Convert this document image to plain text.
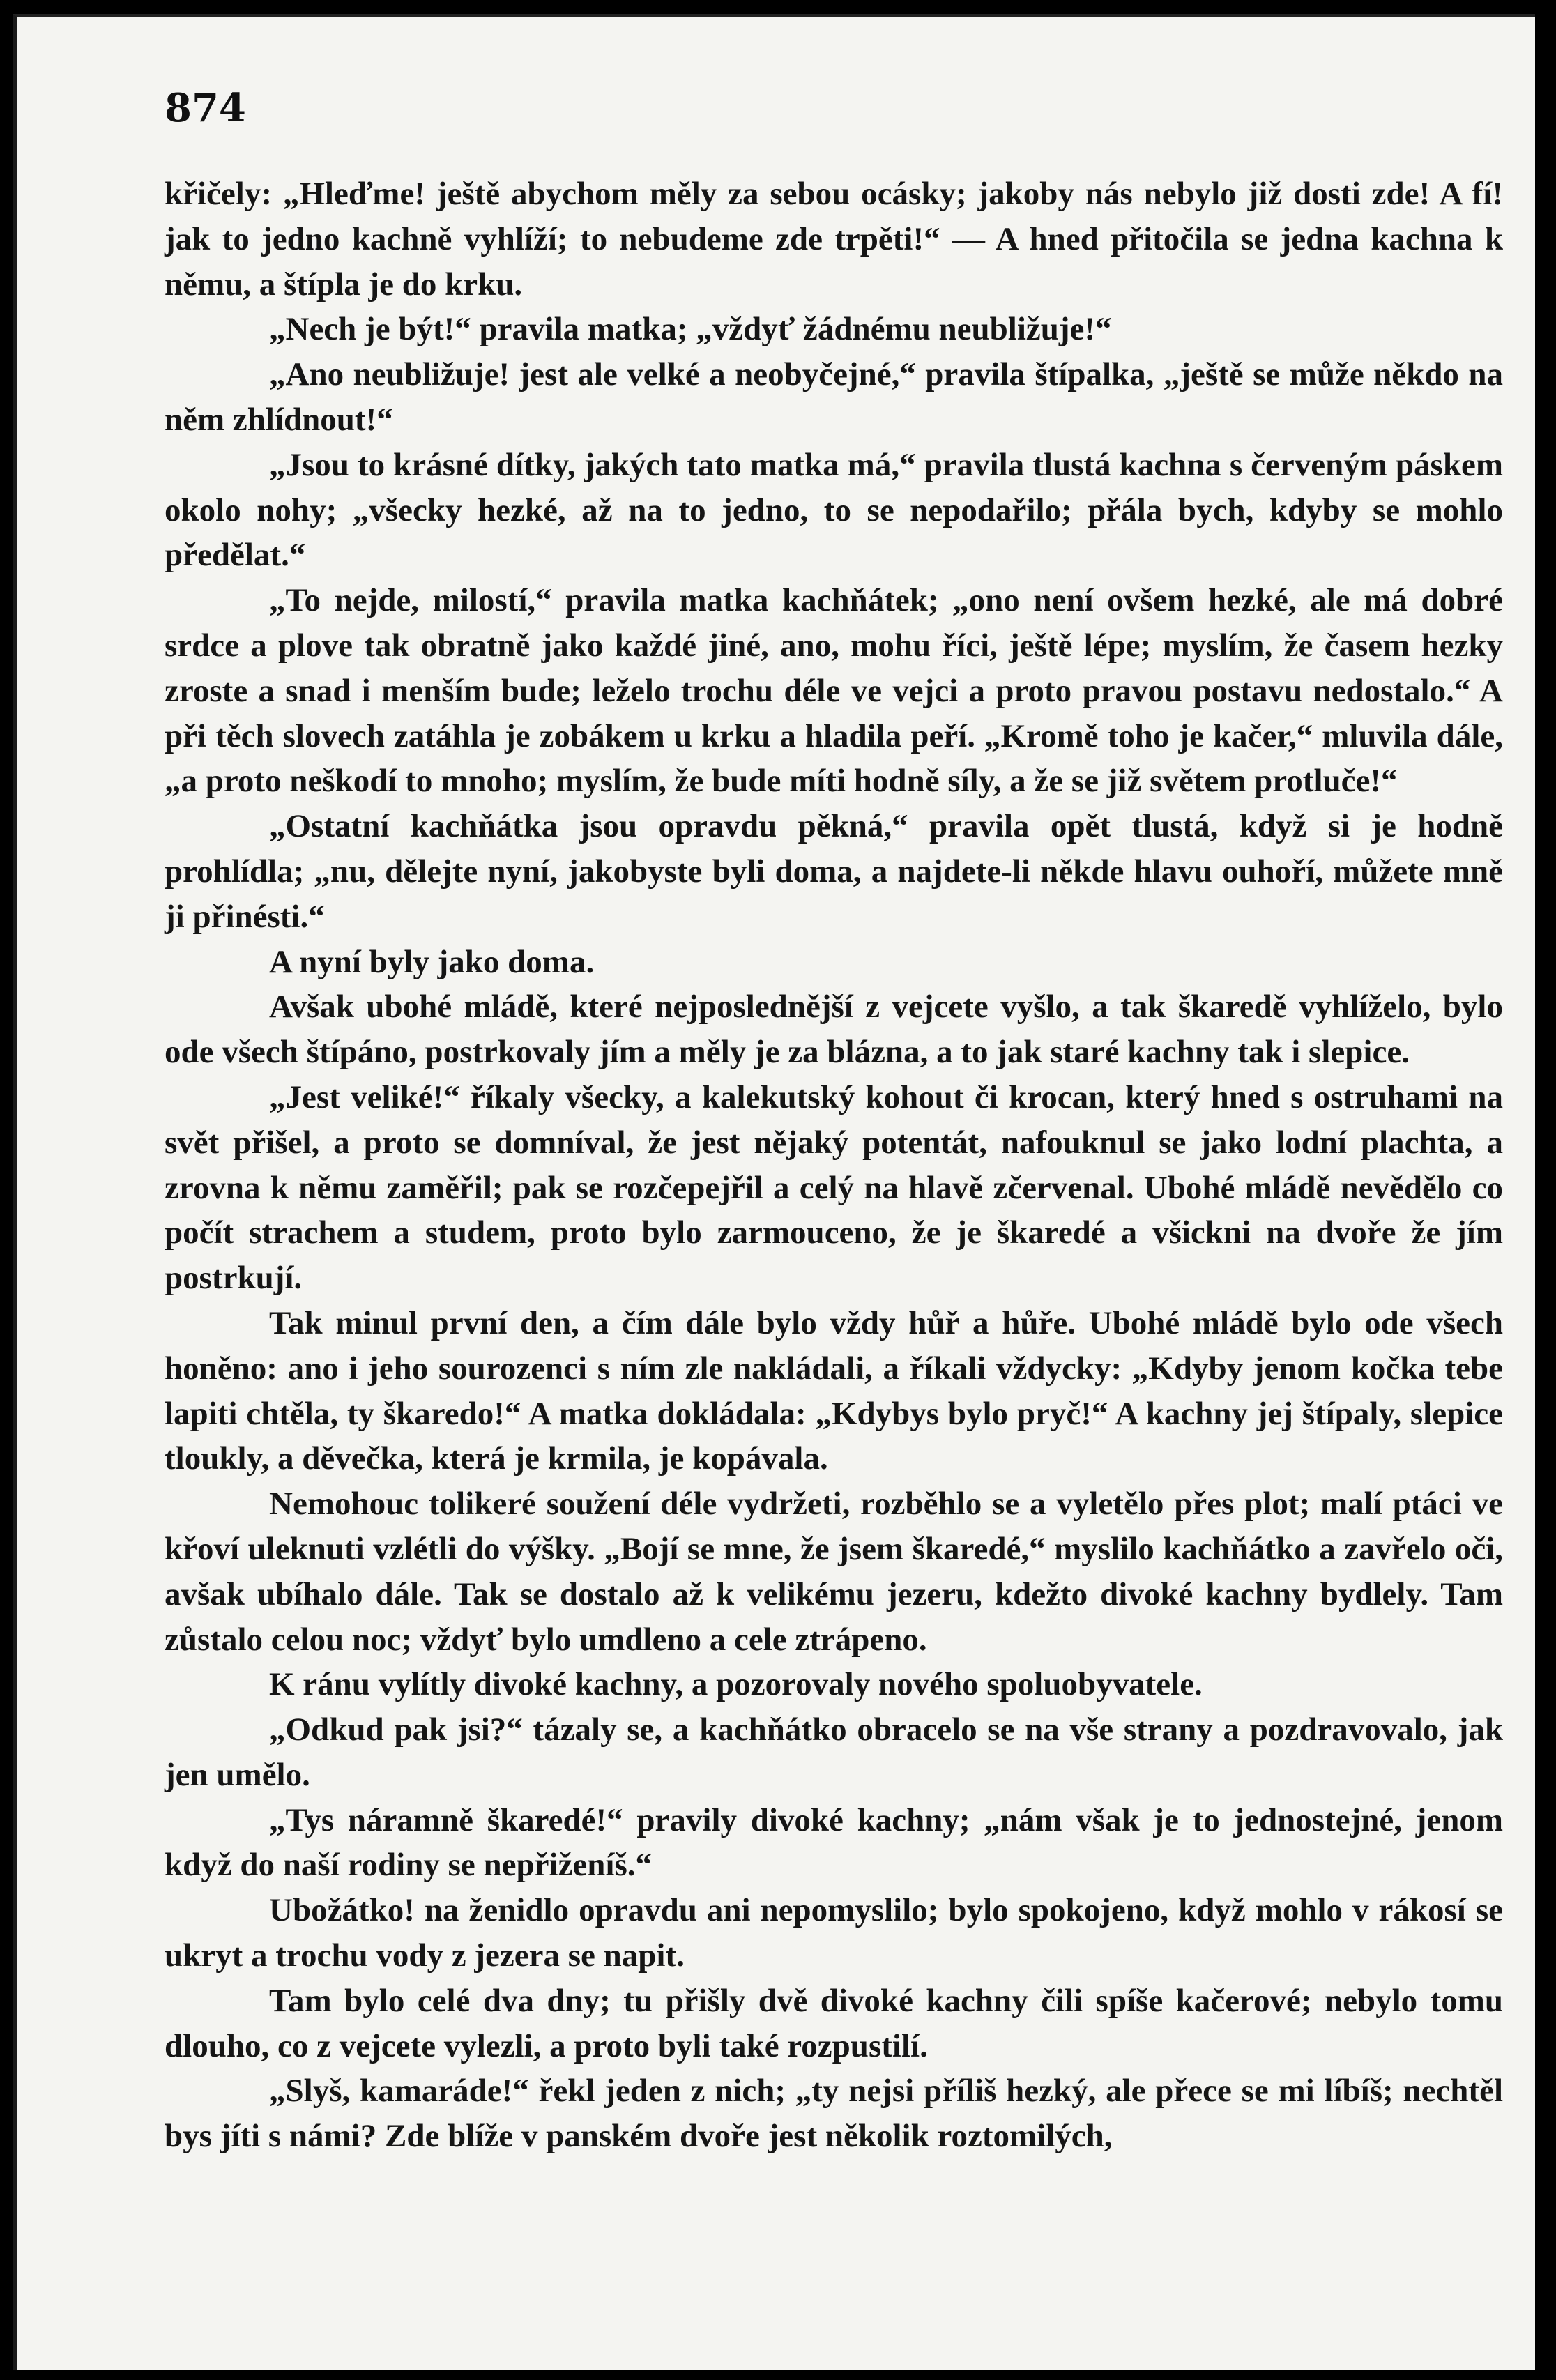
874

křičely: „Hleďme! ještě abychom měly za sebou ocásky; jakoby nás nebylo již dosti zde! A fí! jak to jedno kachně vyhlíží; to nebudeme zde trpěti!“ — A hned přitočila se jedna kachna k němu, a štípla je do krku.

„Nech je být!“ pravila matka; „vždyť žádnému neubližuje!“

„Ano neubližuje! jest ale velké a neobyčejné,“ pravila štípalka, „ještě se může někdo na něm zhlídnout!“

„Jsou to krásné dítky, jakých tato matka má,“ pravila tlustá kachna s červeným páskem okolo nohy; „všecky hezké, až na to jedno, to se nepodařilo; přála bych, kdyby se mohlo předělat.“

„To nejde, milostí,“ pravila matka kachňátek; „ono není ovšem hezké, ale má dobré srdce a plove tak obratně jako každé jiné, ano, mohu říci, ještě lépe; myslím, že časem hezky zroste a snad i menším bude; leželo trochu déle ve vejci a proto pravou postavu nedostalo.“ A při těch slovech zatáhla je zobákem u krku a hladila peří. „Kromě toho je kačer,“ mluvila dále, „a proto neškodí to mnoho; myslím, že bude míti hodně síly, a že se již světem protluče!“

„Ostatní kachňátka jsou opravdu pěkná,“ pravila opět tlustá, když si je hodně prohlídla; „nu, dělejte nyní, jakobyste byli doma, a najdete-li někde hlavu ouhoří, můžete mně ji přinésti.“

A nyní byly jako doma.

Avšak ubohé mládě, které nejposlednější z vejcete vyšlo, a tak škaredě vyhlíželo, bylo ode všech štípáno, postrkovaly jím a měly je za blázna, a to jak staré kachny tak i slepice.

„Jest veliké!“ říkaly všecky, a kalekutský kohout či krocan, který hned s ostruhami na svět přišel, a proto se domníval, že jest nějaký potentát, nafouknul se jako lodní plachta, a zrovna k němu zaměřil; pak se rozčepejřil a celý na hlavě zčervenal. Ubohé mládě nevědělo co počít strachem a studem, proto bylo zarmouceno, že je škaredé a všickni na dvoře že jím postrkují.

Tak minul první den, a čím dále bylo vždy hůř a hůře. Ubohé mládě bylo ode všech honěno: ano i jeho sourozenci s ním zle nakládali, a říkali vždycky: „Kdyby jenom kočka tebe lapiti chtěla, ty škaredo!“ A matka dokládala: „Kdybys bylo pryč!“ A kachny jej štípaly, slepice tloukly, a děvečka, která je krmila, je kopávala.

Nemohouc tolikeré soužení déle vydržeti, rozběhlo se a vyletělo přes plot; malí ptáci ve křoví uleknuti vzlétli do výšky. „Bojí se mne, že jsem škaredé,“ myslilo kachňátko a zavřelo oči, avšak ubíhalo dále. Tak se dostalo až k velikému jezeru, kdežto divoké kachny bydlely. Tam zůstalo celou noc; vždyť bylo umdleno a cele ztrápeno.

K ránu vylítly divoké kachny, a pozorovaly nového spoluobyvatele.

„Odkud pak jsi?“ tázaly se, a kachňátko obracelo se na vše strany a pozdravovalo, jak jen umělo.

„Tys náramně škaredé!“ pravily divoké kachny; „nám však je to jednostejné, jenom když do naší rodiny se nepřiženíš.“

Ubožátko! na ženidlo opravdu ani nepomyslilo; bylo spokojeno, když mohlo v rákosí se ukryt a trochu vody z jezera se napit.

Tam bylo celé dva dny; tu přišly dvě divoké kachny čili spíše kačerové; nebylo tomu dlouho, co z vejcete vylezli, a proto byli také rozpustilí.

„Slyš, kamaráde!“ řekl jeden z nich; „ty nejsi příliš hezký, ale přece se mi líbíš; nechtěl bys jíti s námi? Zde blíže v panském dvoře jest několik roztomilých,
